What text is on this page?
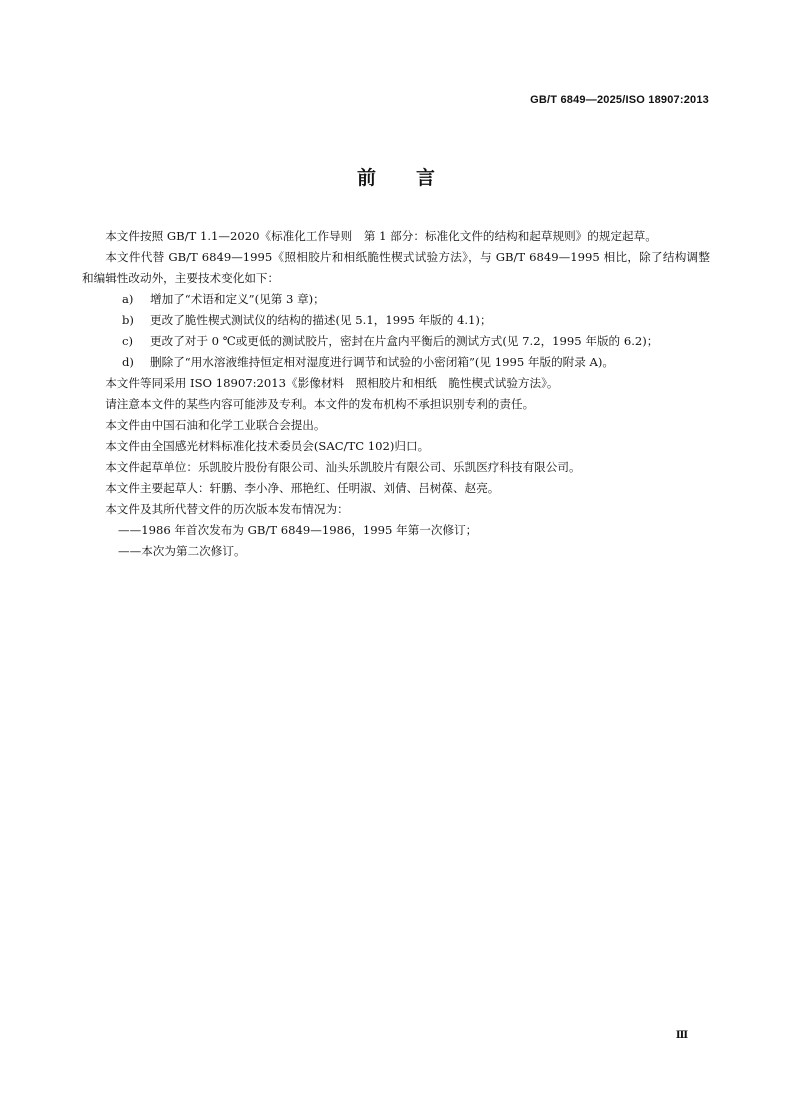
GB/T 6849—2025/ISO 18907:2013
前言

本文件按照 GB/T 1.1—2020《标准化工作导则　第 1 部分：标准化文件的结构和起草规则》的规定起草。

本文件代替 GB/T 6849—1995《照相胶片和相纸脆性楔式试验方法》，与 GB/T 6849—1995 相比，除了结构调整和编辑性改动外，主要技术变化如下：

a) 增加了“术语和定义”(见第 3 章)；
b) 更改了脆性楔式测试仪的结构的描述(见 5.1，1995 年版的 4.1)；
c) 更改了对于 0 ℃或更低的测试胶片，密封在片盒内平衡后的测试方式(见 7.2，1995 年版的 6.2)；
d) 删除了“用水溶液维持恒定相对湿度进行调节和试验的小密闭箱”(见 1995 年版的附录 A)。

本文件等同采用 ISO 18907:2013《影像材料　照相胶片和相纸　脆性楔式试验方法》。

请注意本文件的某些内容可能涉及专利。本文件的发布机构不承担识别专利的责任。

本文件由中国石油和化学工业联合会提出。

本文件由全国感光材料标准化技术委员会(SAC/TC 102)归口。

本文件起草单位：乐凯胶片股份有限公司、汕头乐凯胶片有限公司、乐凯医疗科技有限公司。

本文件主要起草人：轩鹏、李小净、邢艳红、任明淑、刘倩、吕树葆、赵亮。

本文件及其所代替文件的历次版本发布情况为：

——1986 年首次发布为 GB/T 6849—1986，1995 年第一次修订；

——本次为第二次修订。

Ⅲ
